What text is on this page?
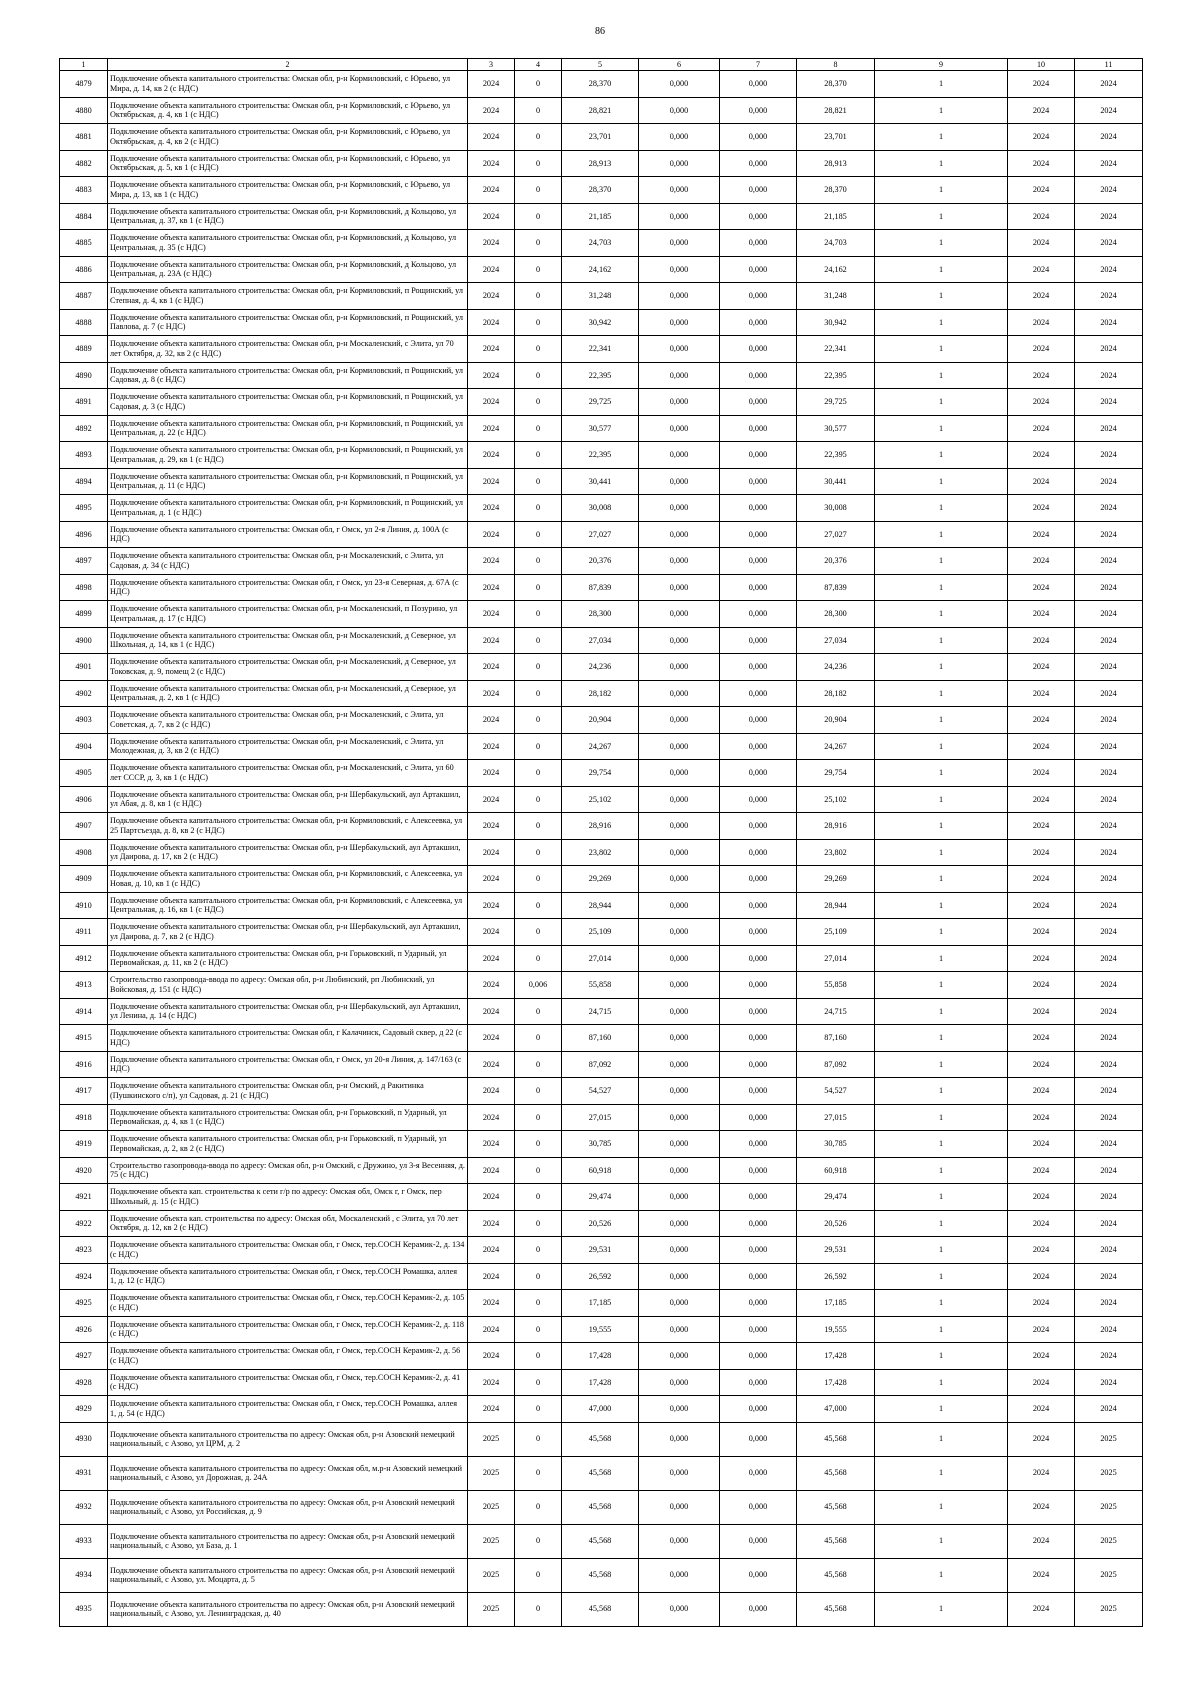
86
1	2	3	4	5	6	7	8	9	10	11
4879	Подключение объекта капитального строительства: Омская обл, р-н Кормиловский, с Юрьево, ул Мира, д. 14, кв 2 (с НДС)	2024	0	28,370	0,000	0,000	28,370	1	2024	2024
4880	Подключение объекта капитального строительства: Омская обл, р-н Кормиловский, с Юрьево, ул Октябрьская, д. 4, кв 1 (с НДС)	2024	0	28,821	0,000	0,000	28,821	1	2024	2024
4881	Подключение объекта капитального строительства: Омская обл, р-н Кормиловский, с Юрьево, ул Октябрьская, д. 4, кв 2 (с НДС)	2024	0	23,701	0,000	0,000	23,701	1	2024	2024
4882	Подключение объекта капитального строительства: Омская обл, р-н Кормиловский, с Юрьево, ул Октябрьская, д. 5, кв 1 (с НДС)	2024	0	28,913	0,000	0,000	28,913	1	2024	2024
4883	Подключение объекта капитального строительства: Омская обл, р-н Кормиловский, с Юрьево, ул Мира, д. 13, кв 1 (с НДС)	2024	0	28,370	0,000	0,000	28,370	1	2024	2024
4884	Подключение объекта капитального строительства: Омская обл, р-н Кормиловский, д Кольцово, ул Центральная, д. 37, кв 1 (с НДС)	2024	0	21,185	0,000	0,000	21,185	1	2024	2024
4885	Подключение объекта капитального строительства: Омская обл, р-н Кормиловский, д Кольцово, ул Центральная, д. 35 (с НДС)	2024	0	24,703	0,000	0,000	24,703	1	2024	2024
4886	Подключение объекта капитального строительства: Омская обл, р-н Кормиловский, д Кольцово, ул Центральная, д. 23А (с НДС)	2024	0	24,162	0,000	0,000	24,162	1	2024	2024
4887	Подключение объекта капитального строительства: Омская обл, р-н Кормиловский, п Рощинский, ул Степная, д. 4, кв 1 (с НДС)	2024	0	31,248	0,000	0,000	31,248	1	2024	2024
4888	Подключение объекта капитального строительства: Омская обл, р-н Кормиловский, п Рощинский, ул Павлова, д. 7 (с НДС)	2024	0	30,942	0,000	0,000	30,942	1	2024	2024
4889	Подключение объекта капитального строительства: Омская обл, р-н Москаленский, с Элита, ул 70 лет Октября, д. 32, кв 2 (с НДС)	2024	0	22,341	0,000	0,000	22,341	1	2024	2024
4890	Подключение объекта капитального строительства: Омская обл, р-н Кормиловский, п Рощинский, ул Садовая, д. 8 (с НДС)	2024	0	22,395	0,000	0,000	22,395	1	2024	2024
4891	Подключение объекта капитального строительства: Омская обл, р-н Кормиловский, п Рощинский, ул Садовая, д. 3 (с НДС)	2024	0	29,725	0,000	0,000	29,725	1	2024	2024
4892	Подключение объекта капитального строительства: Омская обл, р-н Кормиловский, п Рощинский, ул Центральная, д. 22 (с НДС)	2024	0	30,577	0,000	0,000	30,577	1	2024	2024
4893	Подключение объекта капитального строительства: Омская обл, р-н Кормиловский, п Рощинский, ул Центральная, д. 29, кв 1 (с НДС)	2024	0	22,395	0,000	0,000	22,395	1	2024	2024
4894	Подключение объекта капитального строительства: Омская обл, р-н Кормиловский, п Рощинский, ул Центральная, д. 11 (с НДС)	2024	0	30,441	0,000	0,000	30,441	1	2024	2024
4895	Подключение объекта капитального строительства: Омская обл, р-н Кормиловский, п Рощинский, ул Центральная, д. 1 (с НДС)	2024	0	30,008	0,000	0,000	30,008	1	2024	2024
4896	Подключение объекта капитального строительства: Омская обл, г Омск, ул 2-я Линия, д. 100А (с НДС)	2024	0	27,027	0,000	0,000	27,027	1	2024	2024
4897	Подключение объекта капитального строительства: Омская обл, р-н Москаленский, с Элита, ул Садовая, д. 34 (с НДС)	2024	0	20,376	0,000	0,000	20,376	1	2024	2024
4898	Подключение объекта капитального строительства: Омская обл, г Омск, ул 23-я Северная, д. 67А (с НДС)	2024	0	87,839	0,000	0,000	87,839	1	2024	2024
4899	Подключение объекта капитального строительства: Омская обл, р-н Москаленский, п Позурино, ул Центральная, д. 17 (с НДС)	2024	0	28,300	0,000	0,000	28,300	1	2024	2024
4900	Подключение объекта капитального строительства: Омская обл, р-н Москаленский, д Северное, ул Школьная, д. 14, кв 1 (с НДС)	2024	0	27,034	0,000	0,000	27,034	1	2024	2024
4901	Подключение объекта капитального строительства: Омская обл, р-н Москаленский, д Северное, ул Токовская, д. 9, помещ 2 (с НДС)	2024	0	24,236	0,000	0,000	24,236	1	2024	2024
4902	Подключение объекта капитального строительства: Омская обл, р-н Москаленский, д Северное, ул Центральная, д. 2, кв 1 (с НДС)	2024	0	28,182	0,000	0,000	28,182	1	2024	2024
4903	Подключение объекта капитального строительства: Омская обл, р-н Москаленский, с Элита, ул Советская, д. 7, кв 2 (с НДС)	2024	0	20,904	0,000	0,000	20,904	1	2024	2024
4904	Подключение объекта капитального строительства: Омская обл, р-н Москаленский, с Элита, ул Молодежная, д. 3, кв 2 (с НДС)	2024	0	24,267	0,000	0,000	24,267	1	2024	2024
4905	Подключение объекта капитального строительства: Омская обл, р-н Москаленский, с Элита, ул 60 лет СССР, д. 3, кв 1 (с НДС)	2024	0	29,754	0,000	0,000	29,754	1	2024	2024
4906	Подключение объекта капитального строительства: Омская обл, р-н Шербакульский, аул Артакшил, ул Абая, д. 8, кв 1 (с НДС)	2024	0	25,102	0,000	0,000	25,102	1	2024	2024
4907	Подключение объекта капитального строительства: Омская обл, р-н Кормиловский, с Алексеевка, ул 25 Партсъезда, д. 8, кв 2 (с НДС)	2024	0	28,916	0,000	0,000	28,916	1	2024	2024
4908	Подключение объекта капитального строительства: Омская обл, р-н Шербакульский, аул Артакшил, ул Даирова, д. 17, кв 2 (с НДС)	2024	0	23,802	0,000	0,000	23,802	1	2024	2024
4909	Подключение объекта капитального строительства: Омская обл, р-н Кормиловский, с Алексеевка, ул Новая, д. 10, кв 1 (с НДС)	2024	0	29,269	0,000	0,000	29,269	1	2024	2024
4910	Подключение объекта капитального строительства: Омская обл, р-н Кормиловский, с Алексеевка, ул Центральная, д. 16, кв 1 (с НДС)	2024	0	28,944	0,000	0,000	28,944	1	2024	2024
4911	Подключение объекта капитального строительства: Омская обл, р-н Шербакульский, аул Артакшил, ул Даирова, д. 7, кв 2 (с НДС)	2024	0	25,109	0,000	0,000	25,109	1	2024	2024
4912	Подключение объекта капитального строительства: Омская обл, р-н Горьковский, п Ударный, ул Первомайская, д. 11, кв 2 (с НДС)	2024	0	27,014	0,000	0,000	27,014	1	2024	2024
4913	Строительство газопровода-ввода по адресу: Омская обл, р-н Любинский, рп Любинский, ул Войсковая, д. 151 (с НДС)	2024	0,006	55,858	0,000	0,000	55,858	1	2024	2024
4914	Подключение объекта капитального строительства: Омская обл, р-н Шербакульский, аул Артакшил, ул Ленина, д. 14 (с НДС)	2024	0	24,715	0,000	0,000	24,715	1	2024	2024
4915	Подключение объекта капитального строительства: Омская обл, г Калачинск, Садовый сквер, д 22 (с НДС)	2024	0	87,160	0,000	0,000	87,160	1	2024	2024
4916	Подключение объекта капитального строительства: Омская обл, г Омск, ул 20-я Линия, д. 147/163 (с НДС)	2024	0	87,092	0,000	0,000	87,092	1	2024	2024
4917	Подключение объекта капитального строительства: Омская обл, р-н Омский, д Ракитинка (Пушкинского с/п), ул Садовая, д. 21 (с НДС)	2024	0	54,527	0,000	0,000	54,527	1	2024	2024
4918	Подключение объекта капитального строительства: Омская обл, р-н Горьковский, п Ударный, ул Первомайская, д. 4, кв 1 (с НДС)	2024	0	27,015	0,000	0,000	27,015	1	2024	2024
4919	Подключение объекта капитального строительства: Омская обл, р-н Горьковский, п Ударный, ул Первомайская, д. 2, кв 2 (с НДС)	2024	0	30,785	0,000	0,000	30,785	1	2024	2024
4920	Строительство газопровода-ввода по адресу: Омская обл, р-н Омский, с Дружино, ул 3-я Весенняя, д. 75 (с НДС)	2024	0	60,918	0,000	0,000	60,918	1	2024	2024
4921	Подключение объекта кап. строительства к сети г/р по адресу: Омская обл, Омск г, г Омск, пер Школьный, д. 15 (с НДС)	2024	0	29,474	0,000	0,000	29,474	1	2024	2024
4922	Подключение объекта кап. строительства по адресу: Омская обл, Москаленский , с Элита, ул 70 лет Октября, д. 12, кв 2 (с НДС)	2024	0	20,526	0,000	0,000	20,526	1	2024	2024
4923	Подключение объекта капитального строительства: Омская обл, г Омск, тер.СОСН Керамик-2, д. 134 (с НДС)	2024	0	29,531	0,000	0,000	29,531	1	2024	2024
4924	Подключение объекта капитального строительства: Омская обл, г Омск, тер.СОСН Ромашка, аллея 1, д. 12 (с НДС)	2024	0	26,592	0,000	0,000	26,592	1	2024	2024
4925	Подключение объекта капитального строительства: Омская обл, г Омск, тер.СОСН Керамик-2, д. 105 (с НДС)	2024	0	17,185	0,000	0,000	17,185	1	2024	2024
4926	Подключение объекта капитального строительства: Омская обл, г Омск, тер.СОСН Керамик-2, д. 118 (с НДС)	2024	0	19,555	0,000	0,000	19,555	1	2024	2024
4927	Подключение объекта капитального строительства: Омская обл, г Омск, тер.СОСН Керамик-2, д. 56 (с НДС)	2024	0	17,428	0,000	0,000	17,428	1	2024	2024
4928	Подключение объекта капитального строительства: Омская обл, г Омск, тер.СОСН Керамик-2, д. 41 (с НДС)	2024	0	17,428	0,000	0,000	17,428	1	2024	2024
4929	Подключение объекта капитального строительства: Омская обл, г Омск, тер.СОСН Ромашка, аллея 1, д. 54 (с НДС)	2024	0	47,000	0,000	0,000	47,000	1	2024	2024
4930	Подключение объекта капитального строительства по адресу: Омская обл, р-н Азовский немецкий национальный, с Азово, ул ЦРМ, д. 2	2025	0	45,568	0,000	0,000	45,568	1	2024	2025
4931	Подключение объекта капитального строительства по адресу: Омская обл, м.р-н Азовский немецкий национальный, с Азово, ул Дорожная, д. 24А	2025	0	45,568	0,000	0,000	45,568	1	2024	2025
4932	Подключение объекта капитального строительства по адресу: Омская обл, р-н Азовский немецкий национальный, с Азово, ул Российская, д. 9	2025	0	45,568	0,000	0,000	45,568	1	2024	2025
4933	Подключение объекта капитального строительства по адресу: Омская обл, р-н Азовский немецкий национальный, с Азово, ул База, д. 1	2025	0	45,568	0,000	0,000	45,568	1	2024	2025
4934	Подключение объекта капитального строительства по адресу: Омская обл, р-н Азовский немецкий национальный, с Азово, ул. Моцарта, д. 5	2025	0	45,568	0,000	0,000	45,568	1	2024	2025
4935	Подключение объекта капитального строительства по адресу: Омская обл, р-н Азовский немецкий национальный, с Азово, ул. Ленинградская, д. 40	2025	0	45,568	0,000	0,000	45,568	1	2024	2025
